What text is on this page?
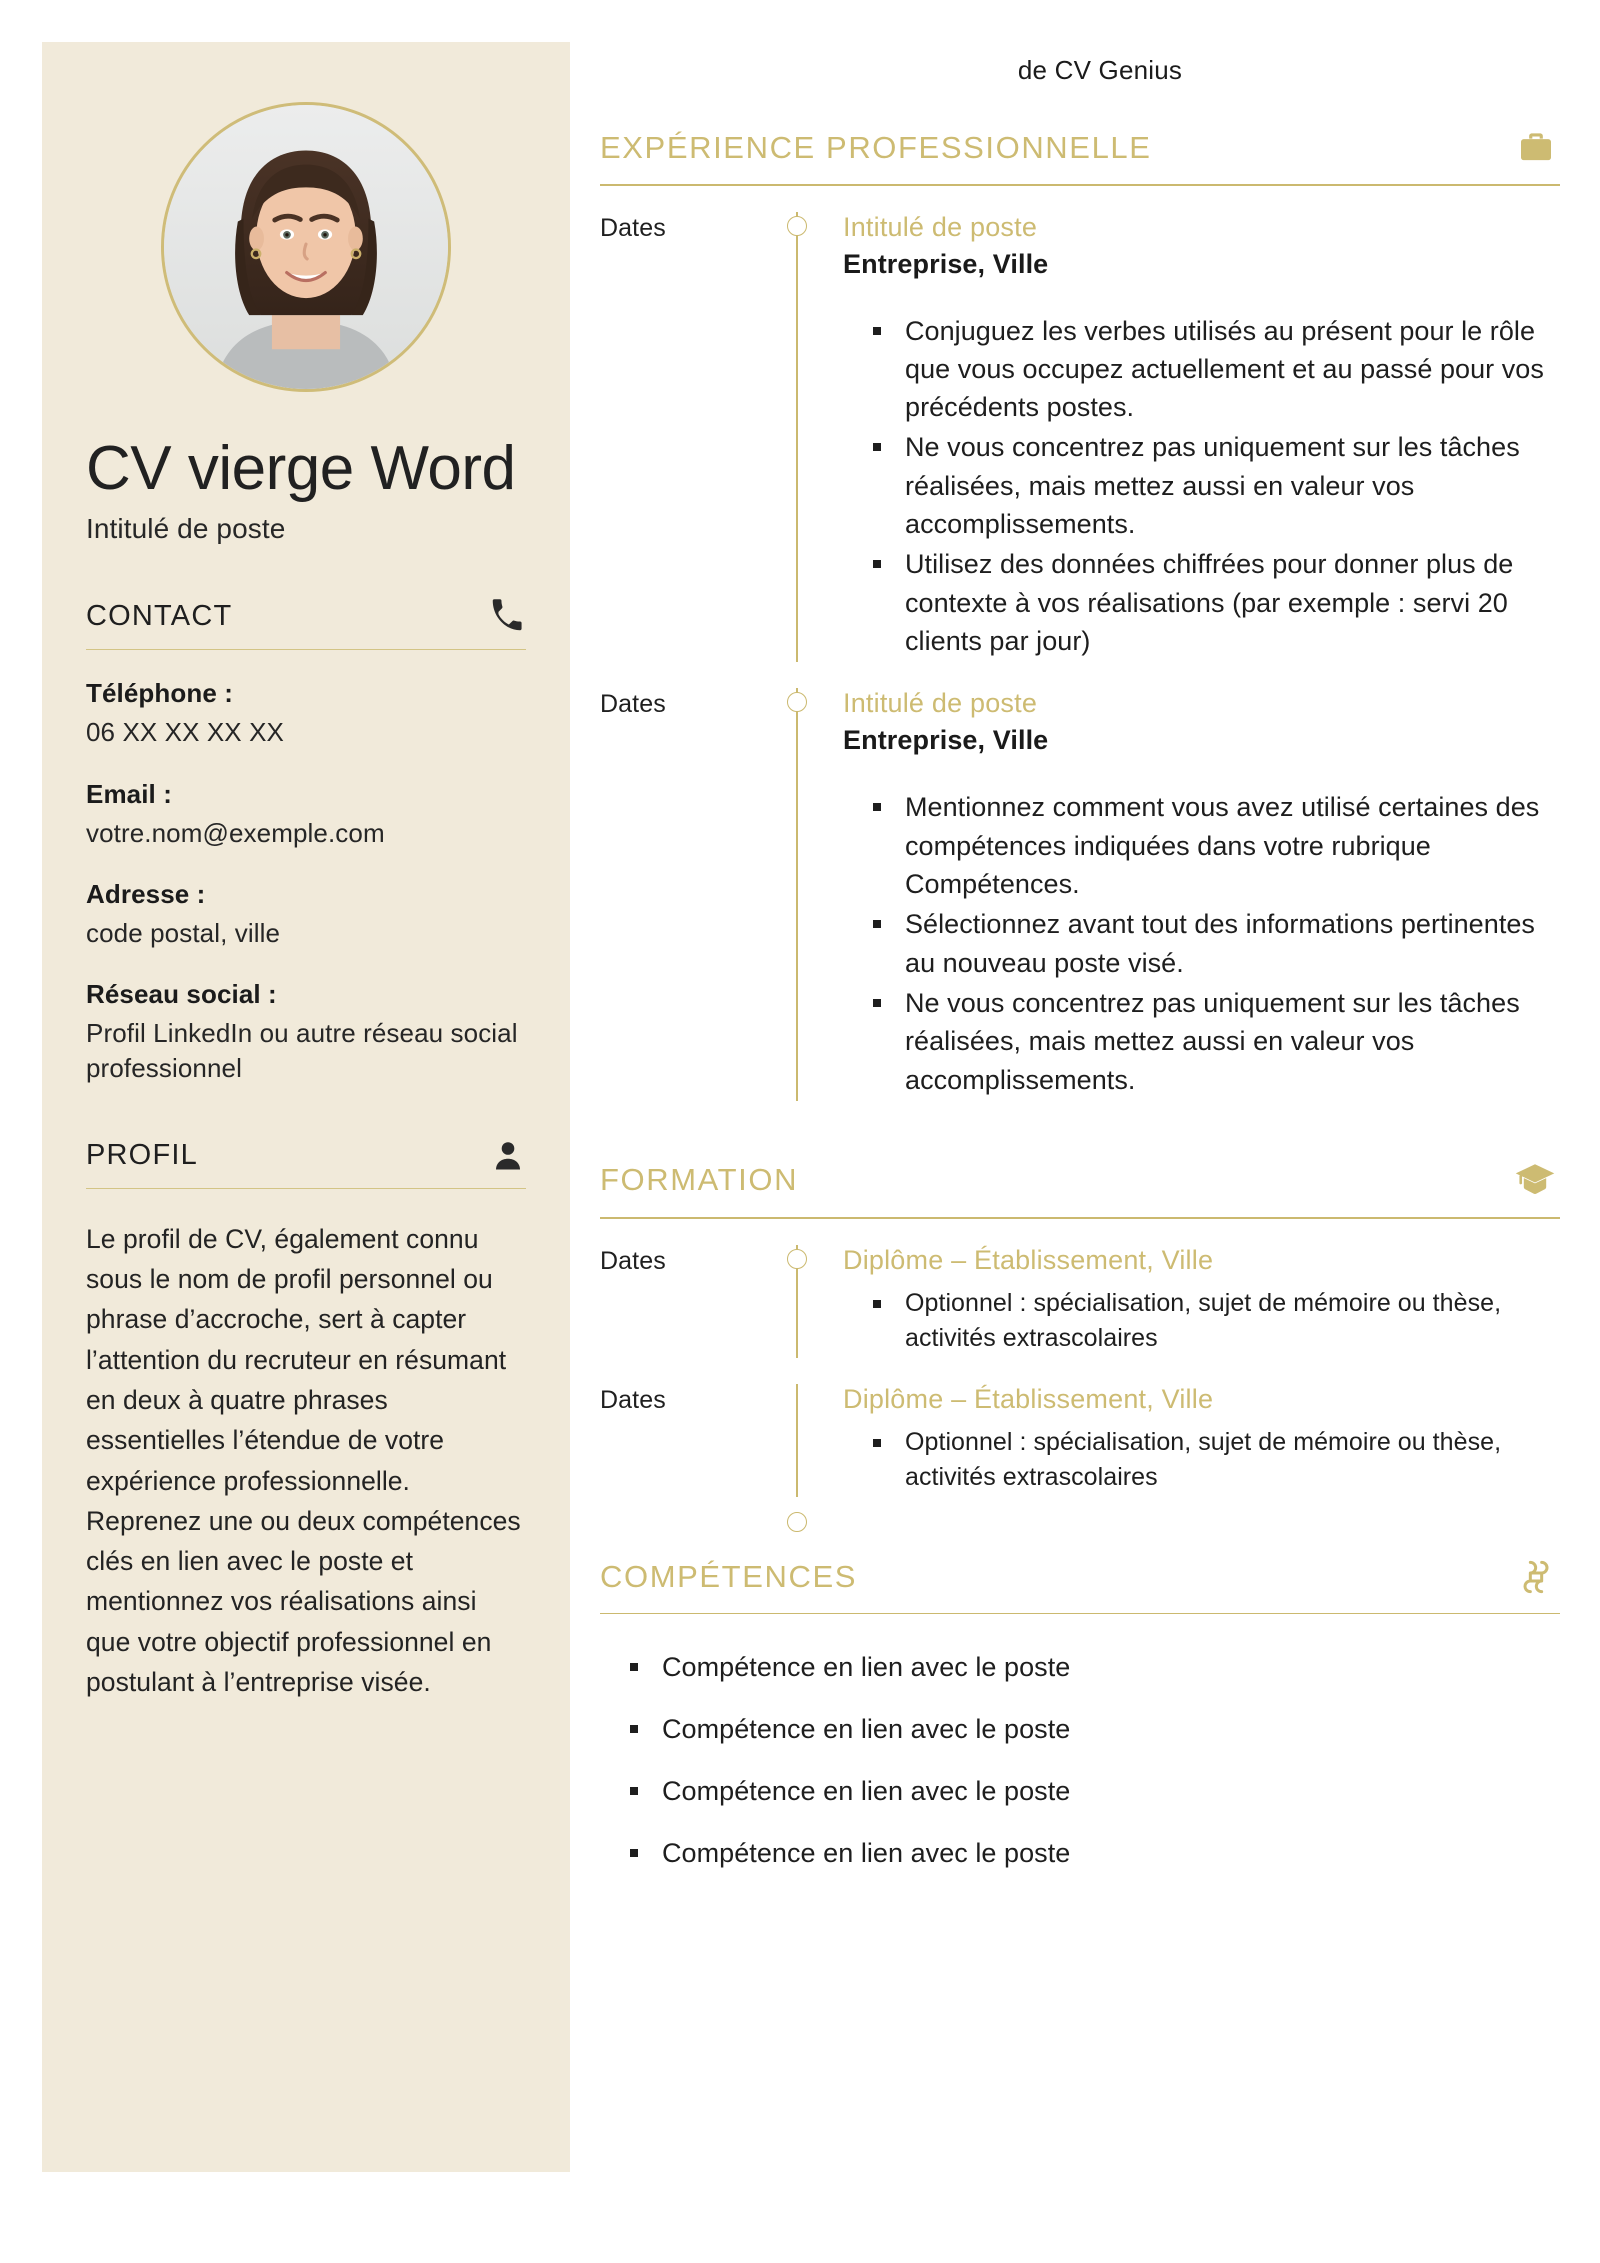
de CV Genius
CV vierge Word
Intitulé de poste
CONTACT
Téléphone :
06 XX XX XX XX
Email :
votre.nom@exemple.com
Adresse :
code postal, ville
Réseau social :
Profil LinkedIn ou autre réseau social professionnel
PROFIL

Le profil de CV, également connu sous le nom de profil personnel ou phrase d’accroche, sert à capter l’attention du recruteur en résumant en deux à quatre phrases essentielles l’étendue de votre expérience professionnelle. Reprenez une ou deux compétences clés en lien avec le poste et mentionnez vos réalisations ainsi que votre objectif professionnel en postulant à l’entreprise visée.

EXPÉRIENCE PROFESSIONNELLE
Dates	Intitulé de poste
Entreprise, Ville
Conjuguez les verbes utilisés au présent pour le rôle que vous occupez actuellement et au passé pour vos précédents postes.
Ne vous concentrez pas uniquement sur les tâches réalisées, mais mettez aussi en valeur vos accomplissements.
Utilisez des données chiffrées pour donner plus de contexte à vos réalisations (par exemple : servi 20 clients par jour)
Dates	Intitulé de poste
Entreprise, Ville
Mentionnez comment vous avez utilisé certaines des compétences indiquées dans votre rubrique Compétences.
Sélectionnez avant tout des informations pertinentes au nouveau poste visé.
Ne vous concentrez pas uniquement sur les tâches réalisées, mais mettez aussi en valeur vos accomplissements.
FORMATION
Dates	Diplôme – Établissement, Ville
Optionnel : spécialisation, sujet de mémoire ou thèse, activités extrascolaires
Dates	Diplôme – Établissement, Ville
Optionnel : spécialisation, sujet de mémoire ou thèse, activités extrascolaires
COMPÉTENCES
Compétence en lien avec le poste
Compétence en lien avec le poste
Compétence en lien avec le poste
Compétence en lien avec le poste
